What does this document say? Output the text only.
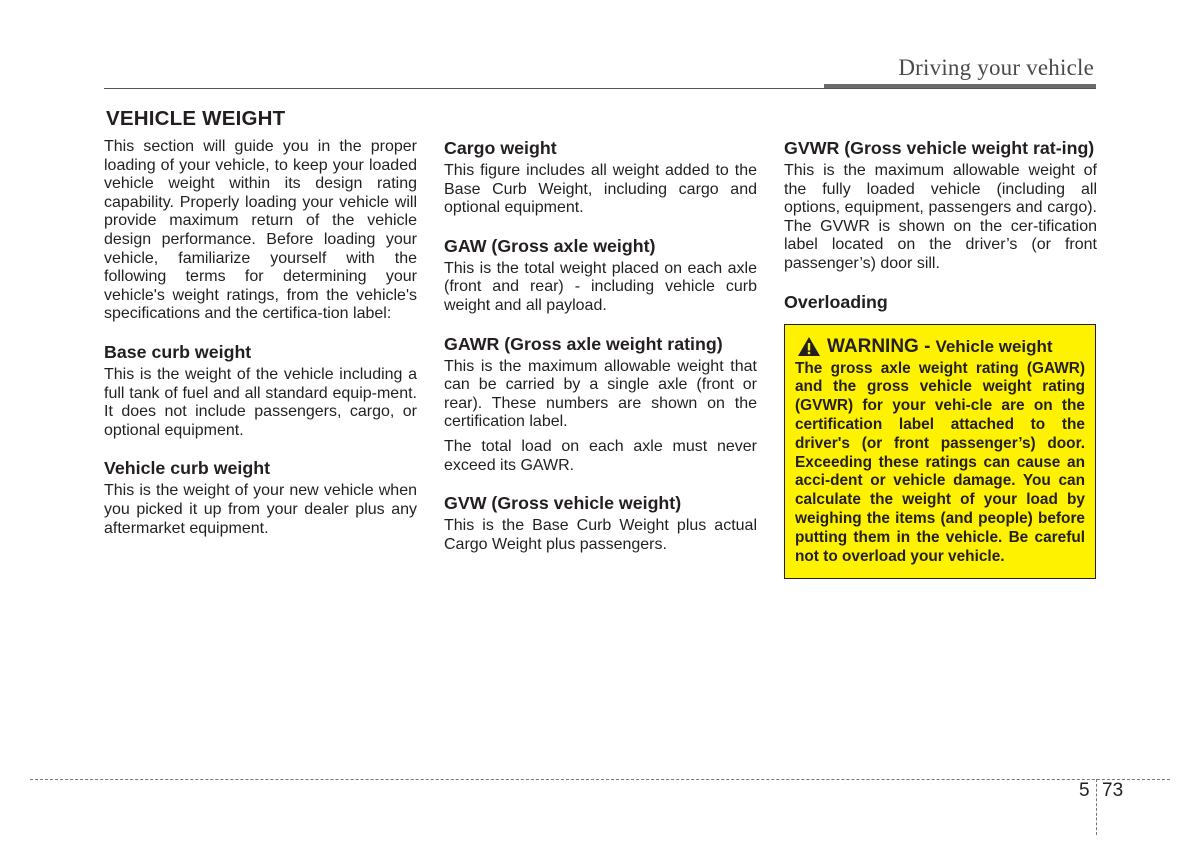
Driving your vehicle
VEHICLE WEIGHT

This section will guide you in the proper loading of your vehicle, to keep your loaded vehicle weight within its design rating capability. Properly loading your vehicle will provide maximum return of the vehicle design performance. Before loading your vehicle, familiarize yourself with the following terms for determining your vehicle's weight ratings, from the vehicle's specifications and the certifica-tion label:

Base curb weight

This is the weight of the vehicle including a full tank of fuel and all standard equip-ment. It does not include passengers, cargo, or optional equipment.

Vehicle curb weight

This is the weight of your new vehicle when you picked it up from your dealer plus any aftermarket equipment.

Cargo weight

This figure includes all weight added to the Base Curb Weight, including cargo and optional equipment.

GAW (Gross axle weight)

This is the total weight placed on each axle (front and rear) - including vehicle curb weight and all payload.

GAWR (Gross axle weight rating)

This is the maximum allowable weight that can be carried by a single axle (front or rear). These numbers are shown on the certification label.

The total load on each axle must never exceed its GAWR.

GVW (Gross vehicle weight)

This is the Base Curb Weight plus actual Cargo Weight plus passengers.

GVWR (Gross vehicle weight rat-ing)

This is the maximum allowable weight of the fully loaded vehicle (including all options, equipment, passengers and cargo). The GVWR is shown on the cer-tification label located on the driver’s (or front passenger’s) door sill.

Overloading
WARNING - Vehicle weight
The gross axle weight rating (GAWR) and the gross vehicle weight rating (GVWR) for your vehi-cle are on the certification label attached to the driver's (or front passenger’s) door. Exceeding these ratings can cause an acci-dent or vehicle damage. You can calculate the weight of your load by weighing the items (and people) before putting them in the vehicle. Be careful not to overload your vehicle.
5 73
